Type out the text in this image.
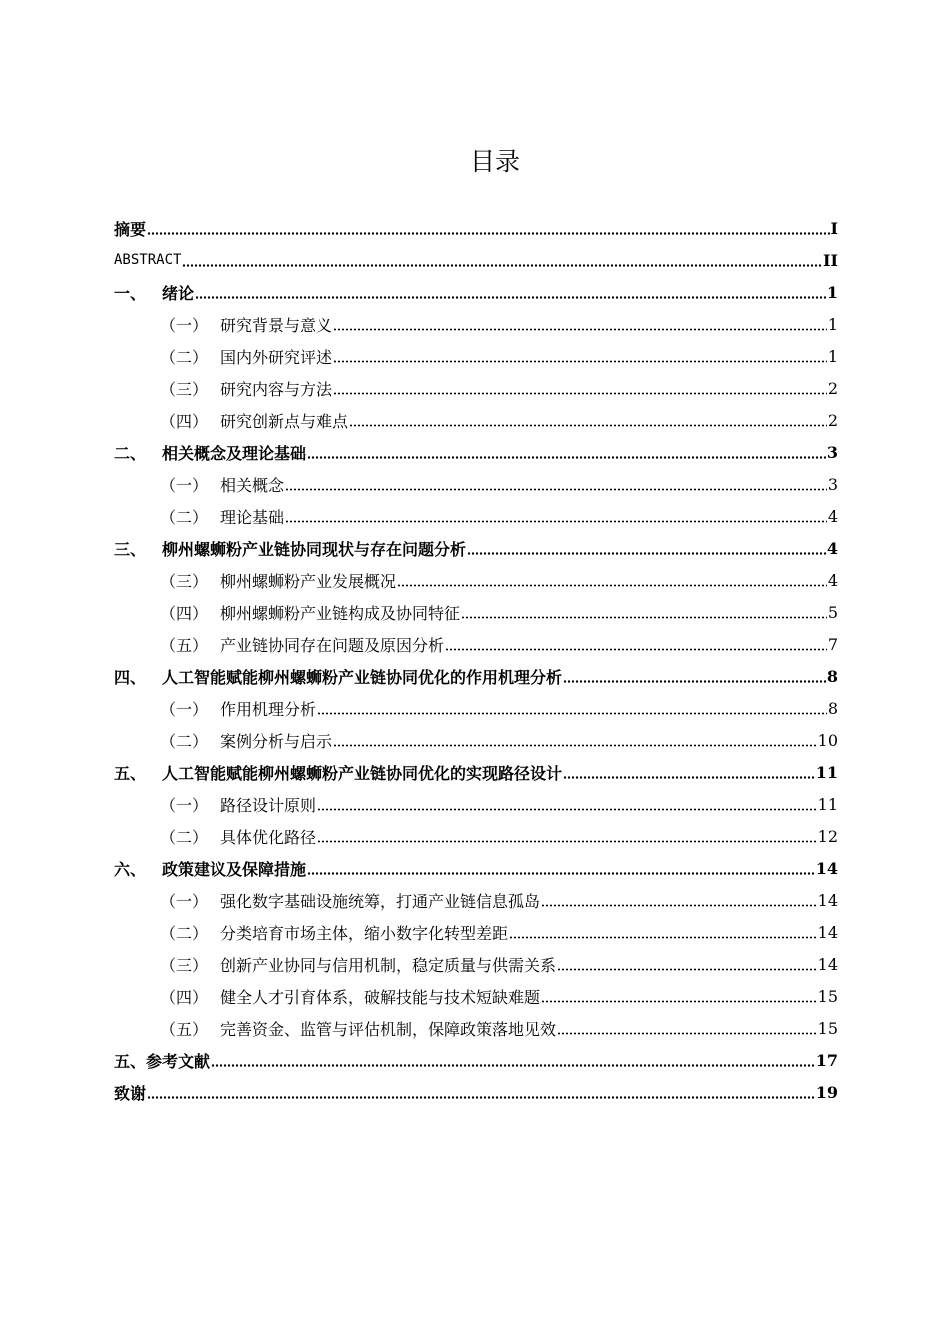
目录
摘要	I
ABSTRACT	II
一、 绪论	1
（一） 研究背景与意义	1
（二） 国内外研究评述	1
（三） 研究内容与方法	2
（四） 研究创新点与难点	2
二、 相关概念及理论基础	3
（一） 相关概念	3
（二） 理论基础	4
三、 柳州螺蛳粉产业链协同现状与存在问题分析	4
（三） 柳州螺蛳粉产业发展概况	4
（四） 柳州螺蛳粉产业链构成及协同特征	5
（五） 产业链协同存在问题及原因分析	7
四、 人工智能赋能柳州螺蛳粉产业链协同优化的作用机理分析	8
（一） 作用机理分析	8
（二） 案例分析与启示	10
五、 人工智能赋能柳州螺蛳粉产业链协同优化的实现路径设计	11
（一） 路径设计原则	11
（二） 具体优化路径	12
六、 政策建议及保障措施	14
（一） 强化数字基础设施统筹，打通产业链信息孤岛	14
（二） 分类培育市场主体，缩小数字化转型差距	14
（三） 创新产业协同与信用机制，稳定质量与供需关系	14
（四） 健全人才引育体系，破解技能与技术短缺难题	15
（五） 完善资金、监管与评估机制，保障政策落地见效	15
五、参考文献	17
致谢	19
